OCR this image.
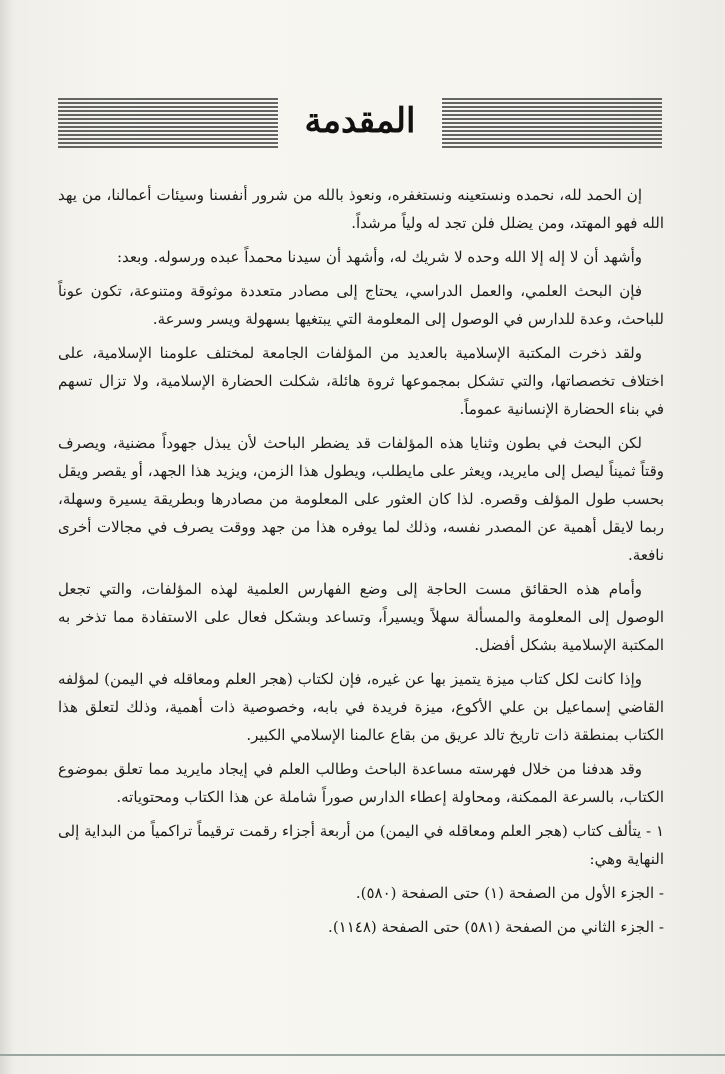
المقدمة

إن الحمد لله، نحمده ونستعينه ونستغفره، ونعوذ بالله من شرور أنفسنا وسيئات أعمالنا، من يهد الله فهو المهتد، ومن يضلل فلن تجد له ولياً مرشداً.

وأشهد أن لا إله إلا الله وحده لا شريك له، وأشهد أن سيدنا محمداً عبده ورسوله. وبعد:

فإن البحث العلمي، والعمل الدراسي، يحتاج إلى مصادر متعددة موثوقة ومتنوعة، تكون عوناً للباحث، وعدة للدارس في الوصول إلى المعلومة التي يبتغيها بسهولة ويسر وسرعة.

ولقد ذخرت المكتبة الإسلامية بالعديد من المؤلفات الجامعة لمختلف علومنا الإسلامية، على اختلاف تخصصاتها، والتي تشكل بمجموعها ثروة هائلة، شكلت الحضارة الإسلامية، ولا تزال تسهم في بناء الحضارة الإنسانية عموماً.

لكن البحث في بطون وثنايا هذه المؤلفات قد يضطر الباحث لأن يبذل جهوداً مضنية، ويصرف وقتاً ثميناً ليصل إلى مايريد، ويعثر على مايطلب، ويطول هذا الزمن، ويزيد هذا الجهد، أو يقصر ويقل بحسب طول المؤلف وقصره. لذا كان العثور على المعلومة من مصادرها وبطريقة يسيرة وسهلة، ربما لايقل أهمية عن المصدر نفسه، وذلك لما يوفره هذا من جهد ووقت يصرف في مجالات أخرى نافعة.

وأمام هذه الحقائق مست الحاجة إلى وضع الفهارس العلمية لهذه المؤلفات، والتي تجعل الوصول إلى المعلومة والمسألة سهلاً ويسيراً، وتساعد وبشكل فعال على الاستفادة مما تذخر به المكتبة الإسلامية بشكل أفضل.

وإذا كانت لكل كتاب ميزة يتميز بها عن غيره، فإن لكتاب (هجر العلم ومعاقله في اليمن) لمؤلفه القاضي إسماعيل بن علي الأكوع، ميزة فريدة في بابه، وخصوصية ذات أهمية، وذلك لتعلق هذا الكتاب بمنطقة ذات تاريخ تالد عريق من بقاع عالمنا الإسلامي الكبير.

وقد هدفنا من خلال فهرسته مساعدة الباحث وطالب العلم في إيجاد مايريد مما تعلق بموضوع الكتاب، بالسرعة الممكنة، ومحاولة إعطاء الدارس صوراً شاملة عن هذا الكتاب ومحتوياته.

١ - يتألف كتاب (هجر العلم ومعاقله في اليمن) من أربعة أجزاء رقمت ترقيماً تراكمياً من البداية إلى النهاية وهي:

- الجزء الأول من الصفحة (١) حتى الصفحة (٥٨٠).

- الجزء الثاني من الصفحة (٥٨١) حتى الصفحة (١١٤٨).
